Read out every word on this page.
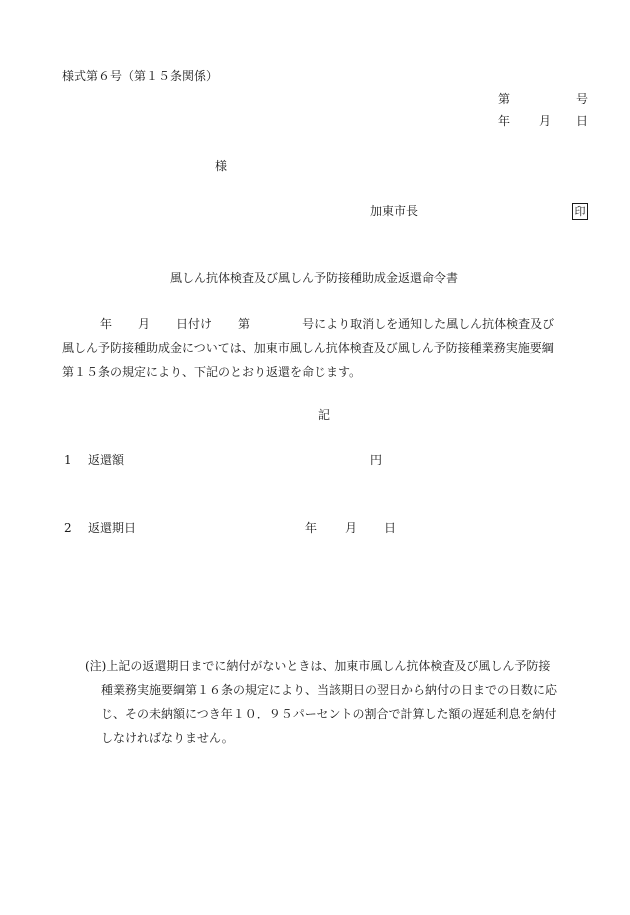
様式第６号（第１５条関係）
第	号
年 月 日
様
加東市長	印
風しん抗体検査及び風しん予防接種助成金返還命令書
年 月 日付け 第	号により取消しを通知した風しん抗体検査及び
風しん予防接種助成金については、加東市風しん抗体検査及び風しん予防接種業務実施要綱
第１５条の規定により、下記のとおり返還を命じます。
記
1 返還額	円
2 返還期日	年 月 日
(注)上記の返還期日までに納付がないときは、加東市風しん抗体検査及び風しん予防接
種業務実施要綱第１６条の規定により、当該期日の翌日から納付の日までの日数に応
じ、その未納額につき年１０．９５パーセントの割合で計算した額の遅延利息を納付
しなければなりません。
